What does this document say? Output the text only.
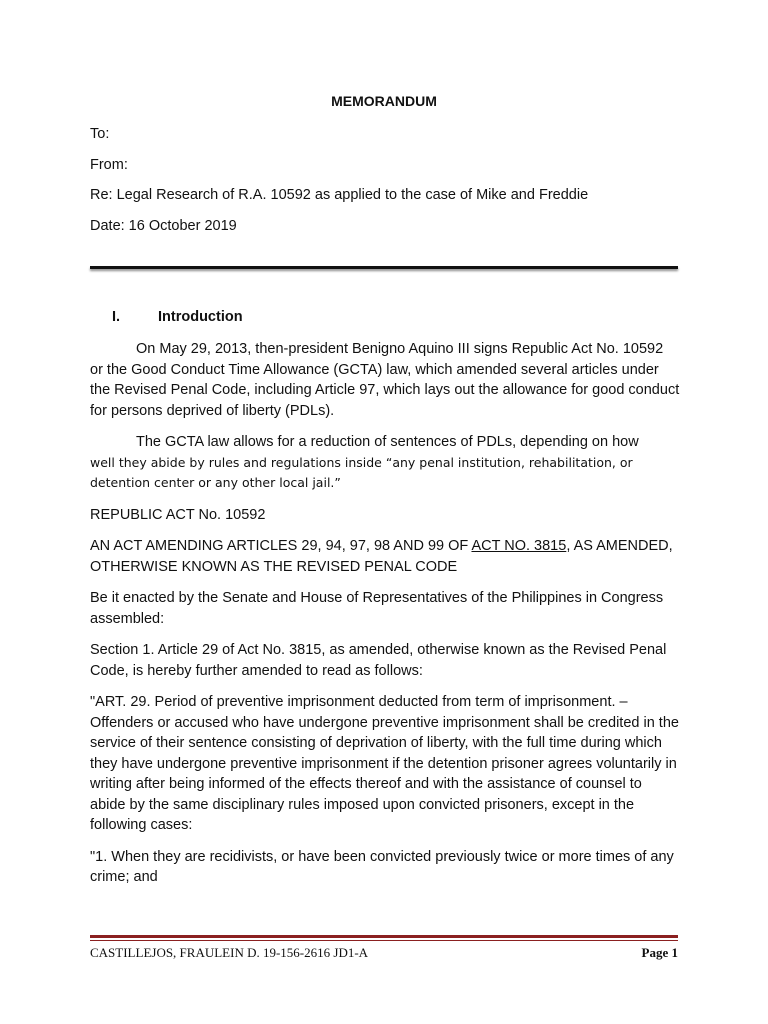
MEMORANDUM
To:
From:
Re: Legal Research of R.A. 10592 as applied to the case of Mike and Freddie
Date: 16 October 2019
I.	Introduction

On May 29, 2013, then-president Benigno Aquino III signs Republic Act No. 10592 or the Good Conduct Time Allowance (GCTA) law, which amended several articles under the Revised Penal Code, including Article 97, which lays out the allowance for good conduct for persons deprived of liberty (PDLs).

The GCTA law allows for a reduction of sentences of PDLs, depending on how

well they abide by rules and regulations inside “any penal institution, rehabilitation, or detention center or any other local jail.”

REPUBLIC ACT No. 10592

AN ACT AMENDING ARTICLES 29, 94, 97, 98 AND 99 OF ACT NO. 3815, AS AMENDED, OTHERWISE KNOWN AS THE REVISED PENAL CODE

Be it enacted by the Senate and House of Representatives of the Philippines in Congress assembled:

Section 1. Article 29 of Act No. 3815, as amended, otherwise known as the Revised Penal Code, is hereby further amended to read as follows:

"ART. 29. Period of preventive imprisonment deducted from term of imprisonment. – Offenders or accused who have undergone preventive imprisonment shall be credited in the service of their sentence consisting of deprivation of liberty, with the full time during which they have undergone preventive imprisonment if the detention prisoner agrees voluntarily in writing after being informed of the effects thereof and with the assistance of counsel to abide by the same disciplinary rules imposed upon convicted prisoners, except in the following cases:

"1. When they are recidivists, or have been convicted previously twice or more times of any crime; and

CASTILLEJOS, FRAULEIN D. 19-156-2616 JD1-A	Page 1
